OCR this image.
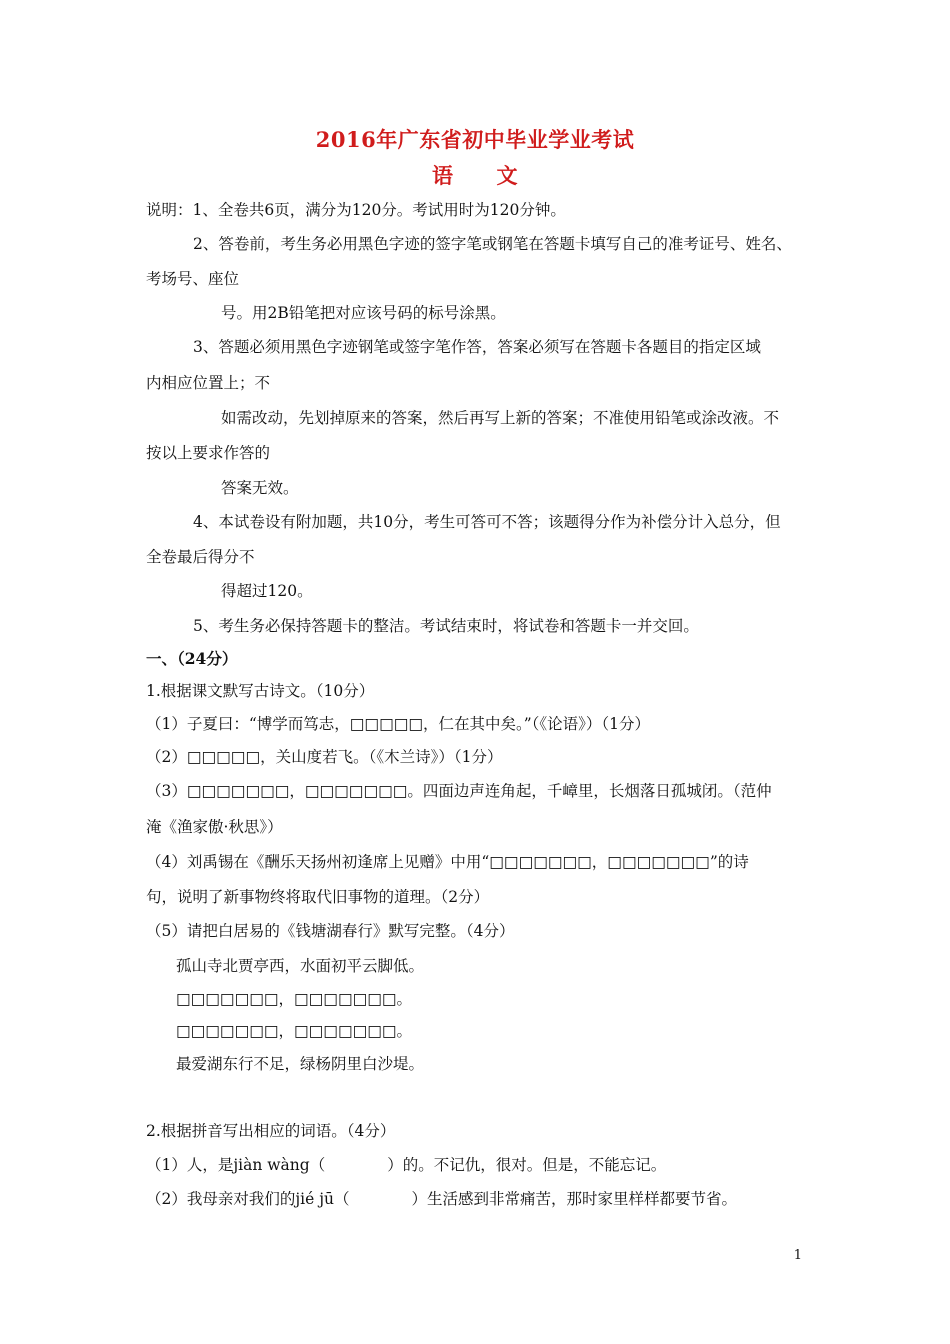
2016年广东省初中毕业学业考试
语　　文
说明：1、全卷共6页，满分为120分。考试用时为120分钟。
2、答卷前，考生务必用黑色字迹的签字笔或钢笔在答题卡填写自己的准考证号、姓名、
考场号、座位
号。用2B铅笔把对应该号码的标号涂黑。
3、答题必须用黑色字迹钢笔或签字笔作答，答案必须写在答题卡各题目的指定区域
内相应位置上；不
如需改动，先划掉原来的答案，然后再写上新的答案；不准使用铅笔或涂改液。不
按以上要求作答的
答案无效。
4、本试卷设有附加题，共10分，考生可答可不答；该题得分作为补偿分计入总分，但
全卷最后得分不
得超过120。
5、考生务必保持答题卡的整洁。考试结束时，将试卷和答题卡一并交回。
一、（24分）
1.根据课文默写古诗文。（10分）
（1）子夏曰：“博学而笃志，□□□□□，仁在其中矣。”（《论语》）（1分）
（2）□□□□□，关山度若飞。（《木兰诗》）（1分）
（3）□□□□□□□，□□□□□□□。四面边声连角起，千嶂里，长烟落日孤城闭。（范仲
淹《渔家傲·秋思》）
（4）刘禹锡在《酬乐天扬州初逢席上见赠》中用“□□□□□□□，□□□□□□□”的诗
句，说明了新事物终将取代旧事物的道理。（2分）
（5）请把白居易的《钱塘湖春行》默写完整。（4分）
孤山寺北贾亭西，水面初平云脚低。
□□□□□□□，□□□□□□□。
□□□□□□□，□□□□□□□。
最爱湖东行不足，绿杨阴里白沙堤。
2.根据拼音写出相应的词语。（4分）
（1）人，是jiàn wàng（　　　　）的。不记仇，很对。但是，不能忘记。
（2）我母亲对我们的jié jū（　　　　）生活感到非常痛苦，那时家里样样都要节省。
1
